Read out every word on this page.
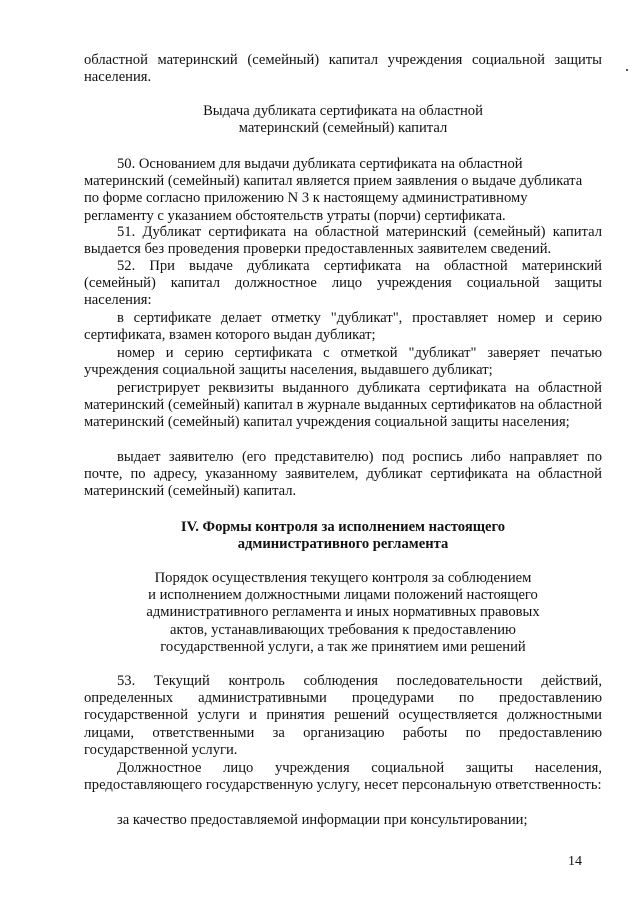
областной материнский (семейный) капитал учреждения социальной защиты населения.

Выдача дубликата сертификата на областной
материнский (семейный) капитал
50. Основанием для выдачи дубликата сертификата на областной
материнский (семейный) капитал является прием заявления о выдаче дубликата
по форме согласно приложению N 3 к настоящему административному
регламенту с указанием обстоятельств утраты (порчи) сертификата.

51. Дубликат сертификата на областной материнский (семейный) капитал выдается без проведения проверки предоставленных заявителем сведений.

52. При выдаче дубликата сертификата на областной материнский (семейный) капитал должностное лицо учреждения социальной защиты населения:

в сертификате делает отметку "дубликат", проставляет номер и серию сертификата, взамен которого выдан дубликат;

номер и серию сертификата с отметкой "дубликат" заверяет печатью учреждения социальной защиты населения, выдавшего дубликат;

регистрирует реквизиты выданного дубликата сертификата на областной материнский (семейный) капитал в журнале выданных сертификатов на областной материнский (семейный) капитал учреждения социальной защиты населения;

выдает заявителю (его представителю) под роспись либо направляет по почте, по адресу, указанному заявителем, дубликат сертификата на областной материнский (семейный) капитал.

IV. Формы контроля за исполнением настоящего
административного регламента
Порядок осуществления текущего контроля за соблюдением
и исполнением должностными лицами положений настоящего
административного регламента и иных нормативных правовых
актов, устанавливающих требования к предоставлению
государственной услуги, а так же принятием ими решений

53. Текущий контроль соблюдения последовательности действий, определенных административными процедурами по предоставлению государственной услуги и принятия решений осуществляется должностными лицами, ответственными за организацию работы по предоставлению государственной услуги.

Должностное лицо учреждения социальной защиты населения, предоставляющего государственную услугу, несет персональную ответственность:

за качество предоставляемой информации при консультировании;

14
